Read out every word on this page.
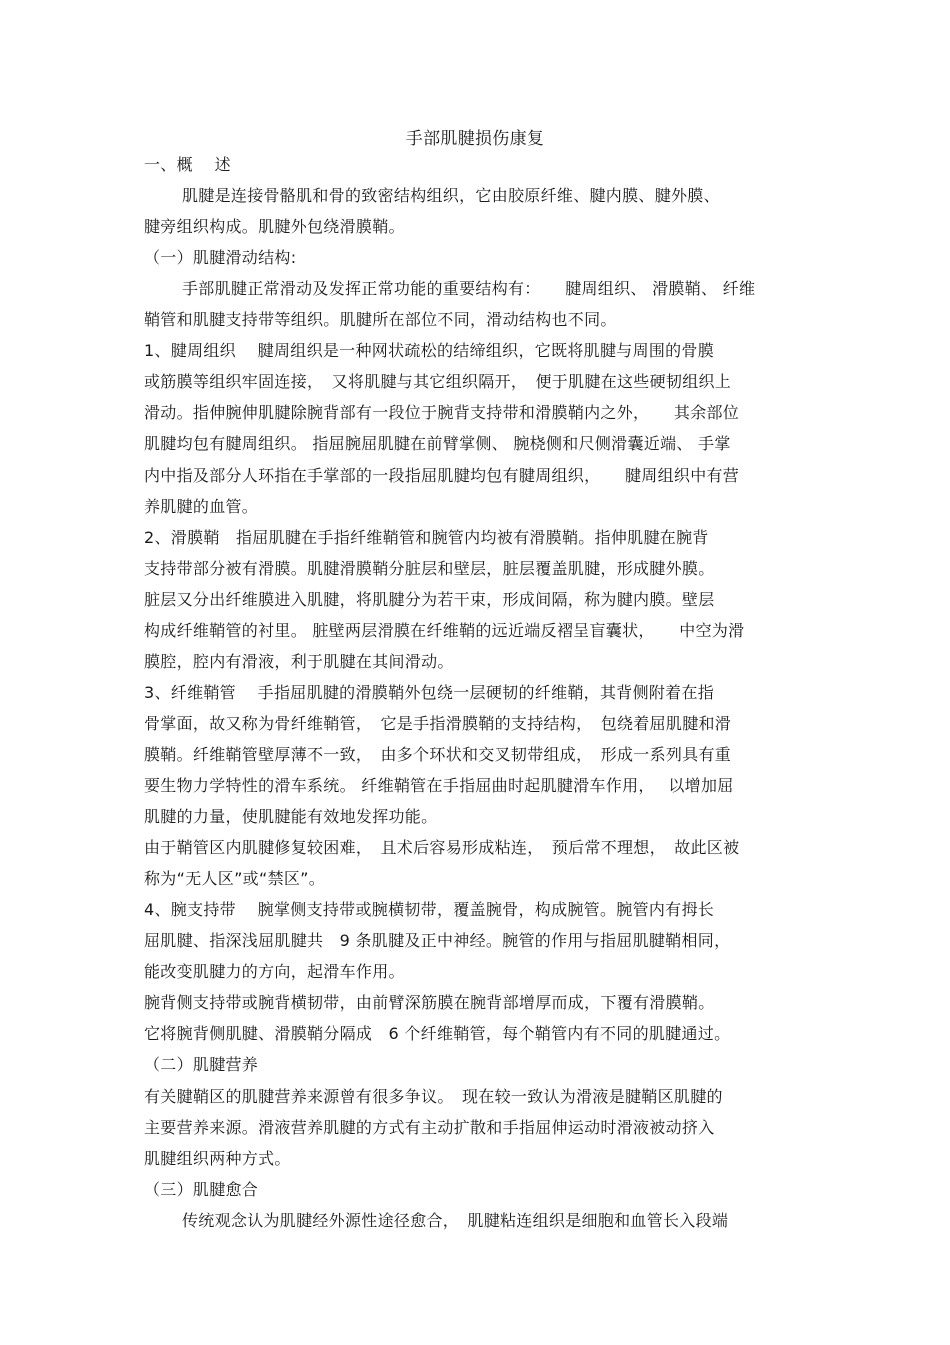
手部肌腱损伤康复
一、概　 述
肌腱是连接骨骼肌和骨的致密结构组织，它由胶原纤维、腱内膜、腱外膜、
腱旁组织构成。肌腱外包绕滑膜鞘。
（一）肌腱滑动结构:
手部肌腱正常滑动及发挥正常功能的重要结构有：　　腱周组织、 滑膜鞘、 纤维
鞘管和肌腱支持带等组织。肌腱所在部位不同，滑动结构也不同。
1、腱周组织　 腱周组织是一种网状疏松的结缔组织，它既将肌腱与周围的骨膜
或筋膜等组织牢固连接，　又将肌腱与其它组织隔开，　便于肌腱在这些硬韧组织上
滑动。指伸腕伸肌腱除腕背部有一段位于腕背支持带和滑膜鞘内之外，　　其余部位
肌腱均包有腱周组织。 指屈腕屈肌腱在前臂掌侧、 腕桡侧和尺侧滑囊近端、 手掌
内中指及部分人环指在手掌部的一段指屈肌腱均包有腱周组织，　　腱周组织中有营
养肌腱的血管。
2、滑膜鞘　指屈肌腱在手指纤维鞘管和腕管内均被有滑膜鞘。指伸肌腱在腕背
支持带部分被有滑膜。肌腱滑膜鞘分脏层和壁层，脏层覆盖肌腱，形成腱外膜。
脏层又分出纤维膜进入肌腱，将肌腱分为若干束，形成间隔，称为腱内膜。壁层
构成纤维鞘管的衬里。 脏壁两层滑膜在纤维鞘的远近端反褶呈盲囊状，　　中空为滑
膜腔，腔内有滑液，利于肌腱在其间滑动。
3、纤维鞘管　 手指屈肌腱的滑膜鞘外包绕一层硬韧的纤维鞘，其背侧附着在指
骨掌面，故又称为骨纤维鞘管，　它是手指滑膜鞘的支持结构，　包绕着屈肌腱和滑
膜鞘。纤维鞘管壁厚薄不一致，　由多个环状和交叉韧带组成，　形成一系列具有重
要生物力学特性的滑车系统。 纤维鞘管在手指屈曲时起肌腱滑车作用，　 以增加屈
肌腱的力量，使肌腱能有效地发挥功能。
由于鞘管区内肌腱修复较困难，　且术后容易形成粘连，　预后常不理想，　故此区被
称为“无人区”或“禁区”。
4、腕支持带　 腕掌侧支持带或腕横韧带，覆盖腕骨，构成腕管。腕管内有拇长
屈肌腱、指深浅屈肌腱共　9 条肌腱及正中神经。腕管的作用与指屈肌腱鞘相同，
能改变肌腱力的方向，起滑车作用。
腕背侧支持带或腕背横韧带，由前臂深筋膜在腕背部增厚而成，下覆有滑膜鞘。
它将腕背侧肌腱、滑膜鞘分隔成　6 个纤维鞘管，每个鞘管内有不同的肌腱通过。
（二）肌腱营养
有关腱鞘区的肌腱营养来源曾有很多争议。　现在较一致认为滑液是腱鞘区肌腱的
主要营养来源。滑液营养肌腱的方式有主动扩散和手指屈伸运动时滑液被动挤入
肌腱组织两种方式。
（三）肌腱愈合
传统观念认为肌腱经外源性途径愈合，　肌腱粘连组织是细胞和血管长入段端
